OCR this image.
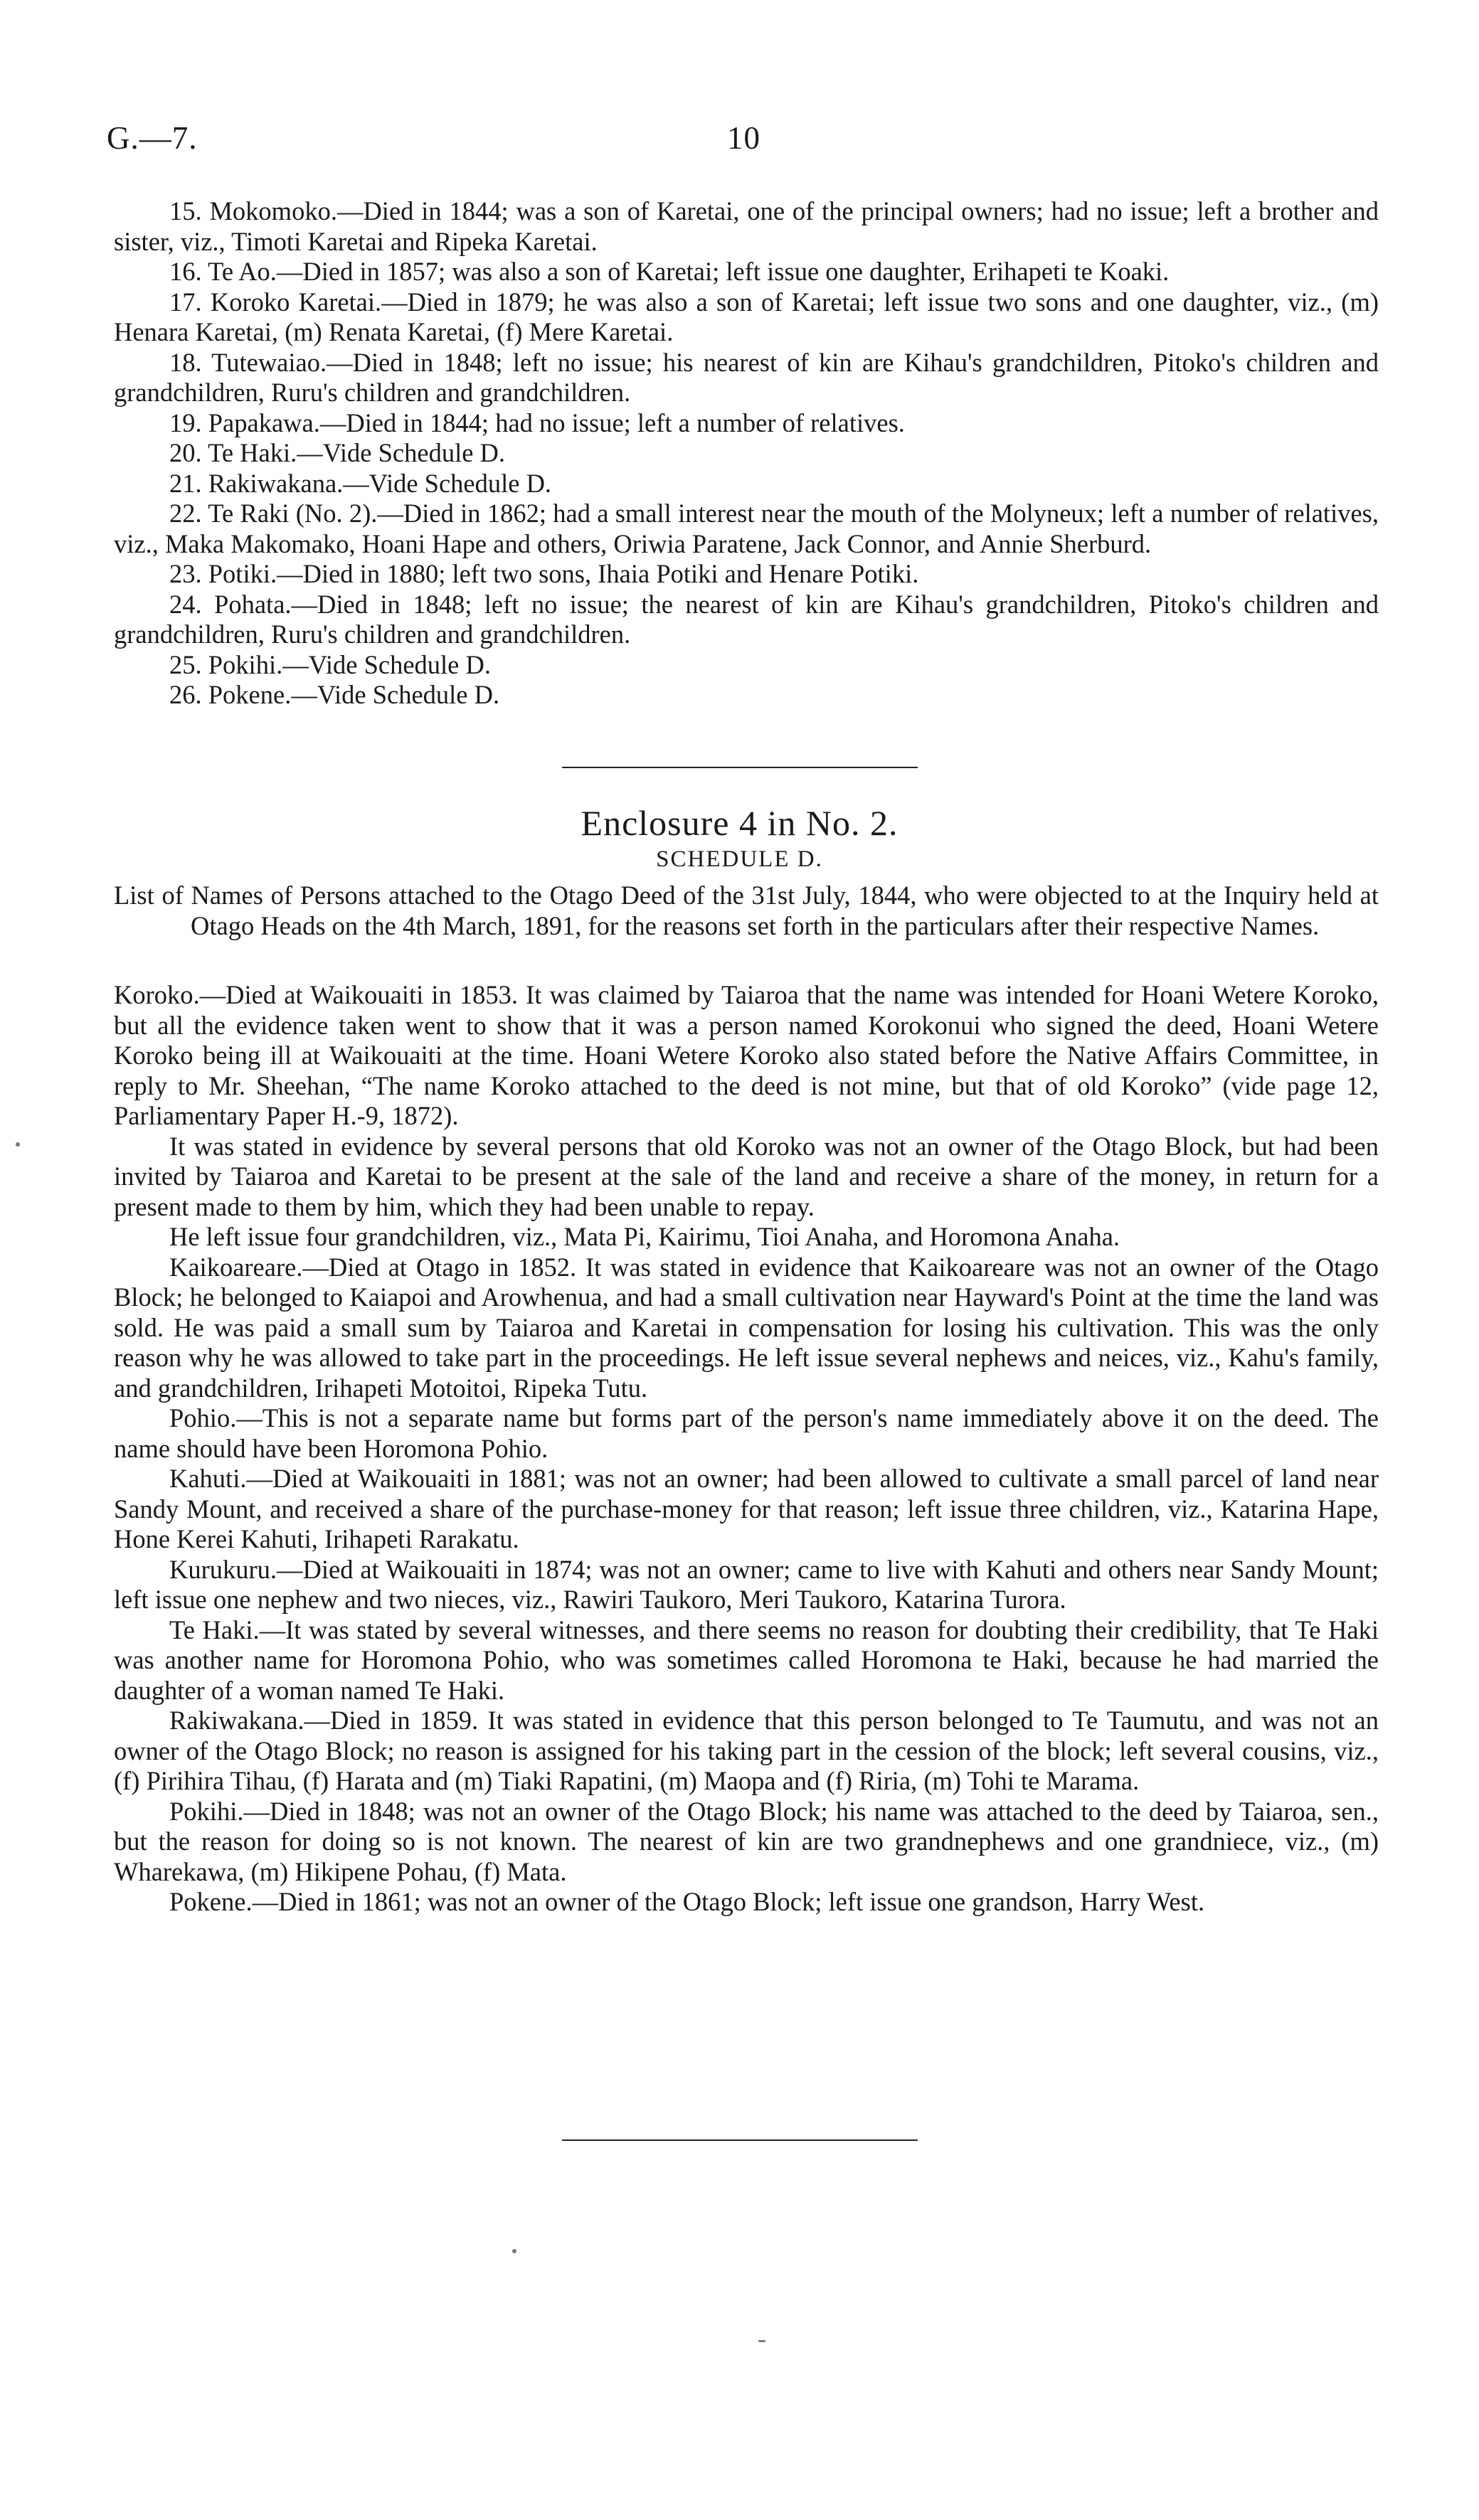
G.—7.	10

15. Mokomoko.—Died in 1844; was a son of Karetai, one of the principal owners; had no issue; left a brother and sister, viz., Timoti Karetai and Ripeka Karetai.

16. Te Ao.—Died in 1857; was also a son of Karetai; left issue one daughter, Erihapeti te Koaki.

17. Koroko Karetai.—Died in 1879; he was also a son of Karetai; left issue two sons and one daughter, viz., (m) Henara Karetai, (m) Renata Karetai, (f) Mere Karetai.

18. Tutewaiao.—Died in 1848; left no issue; his nearest of kin are Kihau's grandchildren, Pitoko's children and grandchildren, Ruru's children and grandchildren.

19. Papakawa.—Died in 1844; had no issue; left a number of relatives.

20. Te Haki.—Vide Schedule D.

21. Rakiwakana.—Vide Schedule D.

22. Te Raki (No. 2).—Died in 1862; had a small interest near the mouth of the Molyneux; left a number of relatives, viz., Maka Makomako, Hoani Hape and others, Oriwia Paratene, Jack Connor, and Annie Sherburd.

23. Potiki.—Died in 1880; left two sons, Ihaia Potiki and Henare Potiki.

24. Pohata.—Died in 1848; left no issue; the nearest of kin are Kihau's grandchildren, Pitoko's children and grandchildren, Ruru's children and grandchildren.

25. Pokihi.—Vide Schedule D.

26. Pokene.—Vide Schedule D.

Enclosure 4 in No. 2.
SCHEDULE D.
List of Names of Persons attached to the Otago Deed of the 31st July, 1844, who were objected to at the Inquiry held at Otago Heads on the 4th March, 1891, for the reasons set forth in the particulars after their respective Names.

Koroko.—Died at Waikouaiti in 1853. It was claimed by Taiaroa that the name was intended for Hoani Wetere Koroko, but all the evidence taken went to show that it was a person named Korokonui who signed the deed, Hoani Wetere Koroko being ill at Waikouaiti at the time. Hoani Wetere Koroko also stated before the Native Affairs Committee, in reply to Mr. Sheehan, “The name Koroko attached to the deed is not mine, but that of old Koroko” (vide page 12, Parliamentary Paper H.-9, 1872).

It was stated in evidence by several persons that old Koroko was not an owner of the Otago Block, but had been invited by Taiaroa and Karetai to be present at the sale of the land and receive a share of the money, in return for a present made to them by him, which they had been unable to repay.

He left issue four grandchildren, viz., Mata Pi, Kairimu, Tioi Anaha, and Horomona Anaha.

Kaikoareare.—Died at Otago in 1852. It was stated in evidence that Kaikoareare was not an owner of the Otago Block; he belonged to Kaiapoi and Arowhenua, and had a small cultivation near Hayward's Point at the time the land was sold. He was paid a small sum by Taiaroa and Karetai in compensation for losing his cultivation. This was the only reason why he was allowed to take part in the proceedings. He left issue several nephews and neices, viz., Kahu's family, and grandchildren, Irihapeti Motoitoi, Ripeka Tutu.

Pohio.—This is not a separate name but forms part of the person's name immediately above it on the deed. The name should have been Horomona Pohio.

Kahuti.—Died at Waikouaiti in 1881; was not an owner; had been allowed to cultivate a small parcel of land near Sandy Mount, and received a share of the purchase-money for that reason; left issue three children, viz., Katarina Hape, Hone Kerei Kahuti, Irihapeti Rarakatu.

Kurukuru.—Died at Waikouaiti in 1874; was not an owner; came to live with Kahuti and others near Sandy Mount; left issue one nephew and two nieces, viz., Rawiri Taukoro, Meri Taukoro, Katarina Turora.

Te Haki.—It was stated by several witnesses, and there seems no reason for doubting their credibility, that Te Haki was another name for Horomona Pohio, who was sometimes called Horomona te Haki, because he had married the daughter of a woman named Te Haki.

Rakiwakana.—Died in 1859. It was stated in evidence that this person belonged to Te Taumutu, and was not an owner of the Otago Block; no reason is assigned for his taking part in the cession of the block; left several cousins, viz., (f) Pirihira Tihau, (f) Harata and (m) Tiaki Rapatini, (m) Maopa and (f) Riria, (m) Tohi te Marama.

Pokihi.—Died in 1848; was not an owner of the Otago Block; his name was attached to the deed by Taiaroa, sen., but the reason for doing so is not known. The nearest of kin are two grandnephews and one grandniece, viz., (m) Wharekawa, (m) Hikipene Pohau, (f) Mata.

Pokene.—Died in 1861; was not an owner of the Otago Block; left issue one grandson, Harry West.
